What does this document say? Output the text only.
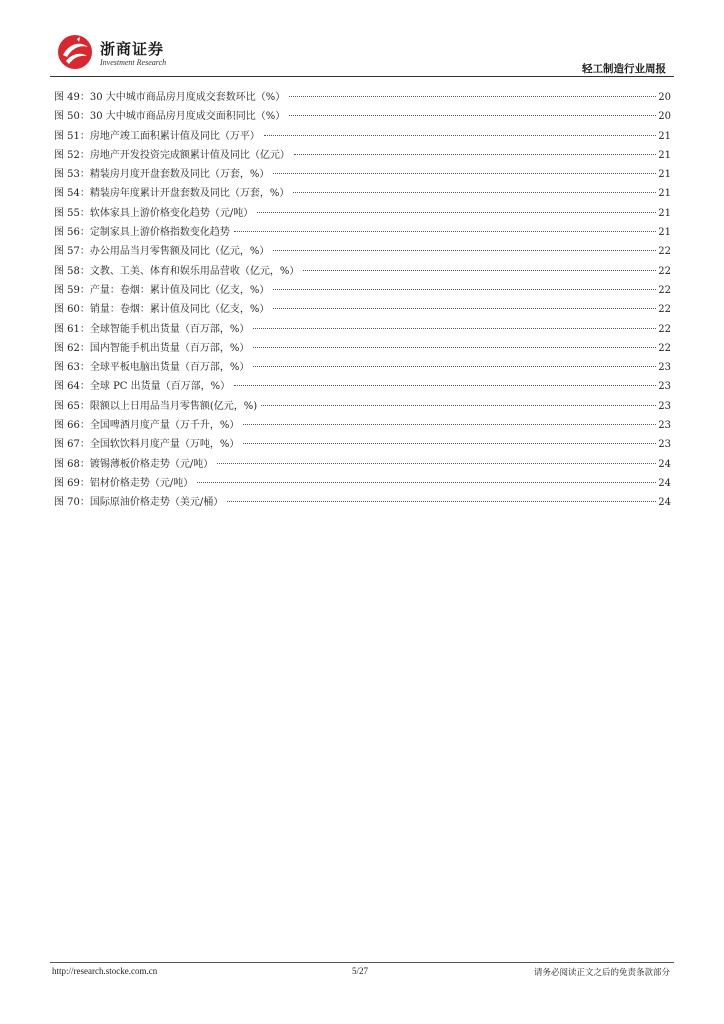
浙商证券
Investment Research
轻工制造行业周报
图 49：30 大中城市商品房月度成交套数环比（%）	20
图 50：30 大中城市商品房月度成交面积同比（%）	20
图 51：房地产竣工面积累计值及同比（万平）	21
图 52：房地产开发投资完成额累计值及同比（亿元）	21
图 53：精装房月度开盘套数及同比（万套，%）	21
图 54：精装房年度累计开盘套数及同比（万套，%）	21
图 55：软体家具上游价格变化趋势（元/吨）	21
图 56：定制家具上游价格指数变化趋势	21
图 57：办公用品当月零售额及同比（亿元，%）	22
图 58：文教、工美、体育和娱乐用品营收（亿元，%）	22
图 59：产量：卷烟：累计值及同比（亿支，%）	22
图 60：销量：卷烟：累计值及同比（亿支，%）	22
图 61：全球智能手机出货量（百万部，%）	22
图 62：国内智能手机出货量（百万部，%）	22
图 63：全球平板电脑出货量（百万部，%）	23
图 64：全球 PC 出货量（百万部，%）	23
图 65：限额以上日用品当月零售额(亿元，%)	23
图 66：全国啤酒月度产量（万千升，%）	23
图 67：全国软饮料月度产量（万吨，%）	23
图 68：镀锡薄板价格走势（元/吨）	24
图 69：铝材价格走势（元/吨）	24
图 70：国际原油价格走势（美元/桶）	24
http://research.stocke.com.cn	5/27	请务必阅读正文之后的免责条款部分
